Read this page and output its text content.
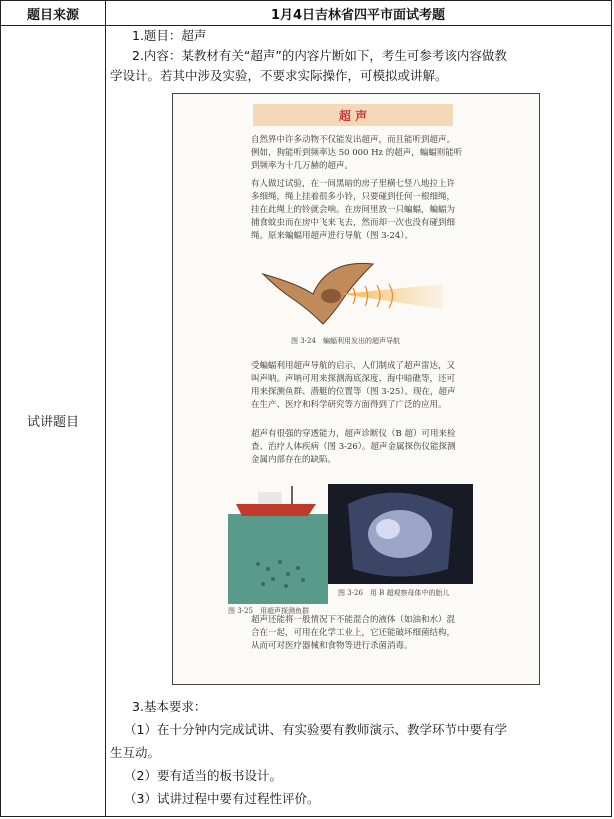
题目来源	1月4日吉林省四平市面试考题
试讲题目
1.题目：超声
2.内容：某教材有关“超声”的内容片断如下，考生可参考该内容做教
学设计。若其中涉及实验，不要求实际操作，可模拟或讲解。
3.基本要求：
（1）在十分钟内完成试讲、有实验要有教师演示、教学环节中要有学
生互动。
（2）要有适当的板书设计。
（3）试讲过程中要有过程性评价。
超 声
自然界中许多动物不仅能发出超声，而且能听到超声。例如，狗能听到频率达 50 000 Hz 的超声，蝙蝠则能听到频率为十几万赫的超声。
有人做过试验，在一间黑暗的房子里横七竖八地拉上许多细绳，绳上挂着很多小铃，只要碰到任何一根细绳，挂在此绳上的铃就会响。在房间里放一只蝙蝠，蝙蝠为捕食蚊虫而在房中飞来飞去，然而却一次也没有碰到细绳。原来蝙蝠用超声进行导航（图 3-24）。
图 3-24　蝙蝠利用发出的超声导航
受蝙蝠利用超声导航的启示，人们制成了超声雷达，又叫声呐。声呐可用来探测海底深度、海中暗礁等，还可用来探测鱼群、潜艇的位置等（图 3-25）。现在，超声在生产、医疗和科学研究等方面得到了广泛的应用。
超声有很强的穿透能力，超声诊断仪（B 超）可用来检查、治疗人体疾病（图 3-26）。超声金属探伤仪能探测金属内部存在的缺陷。
图 3-25　用超声探测鱼群
图 3-26　用 B 超观察母体中的胎儿
超声还能将一般情况下不能混合的液体（如油和水）混合在一起，可用在化学工业上，它还能破坏细菌结构，从而可对医疗器械和食物等进行杀菌消毒。
